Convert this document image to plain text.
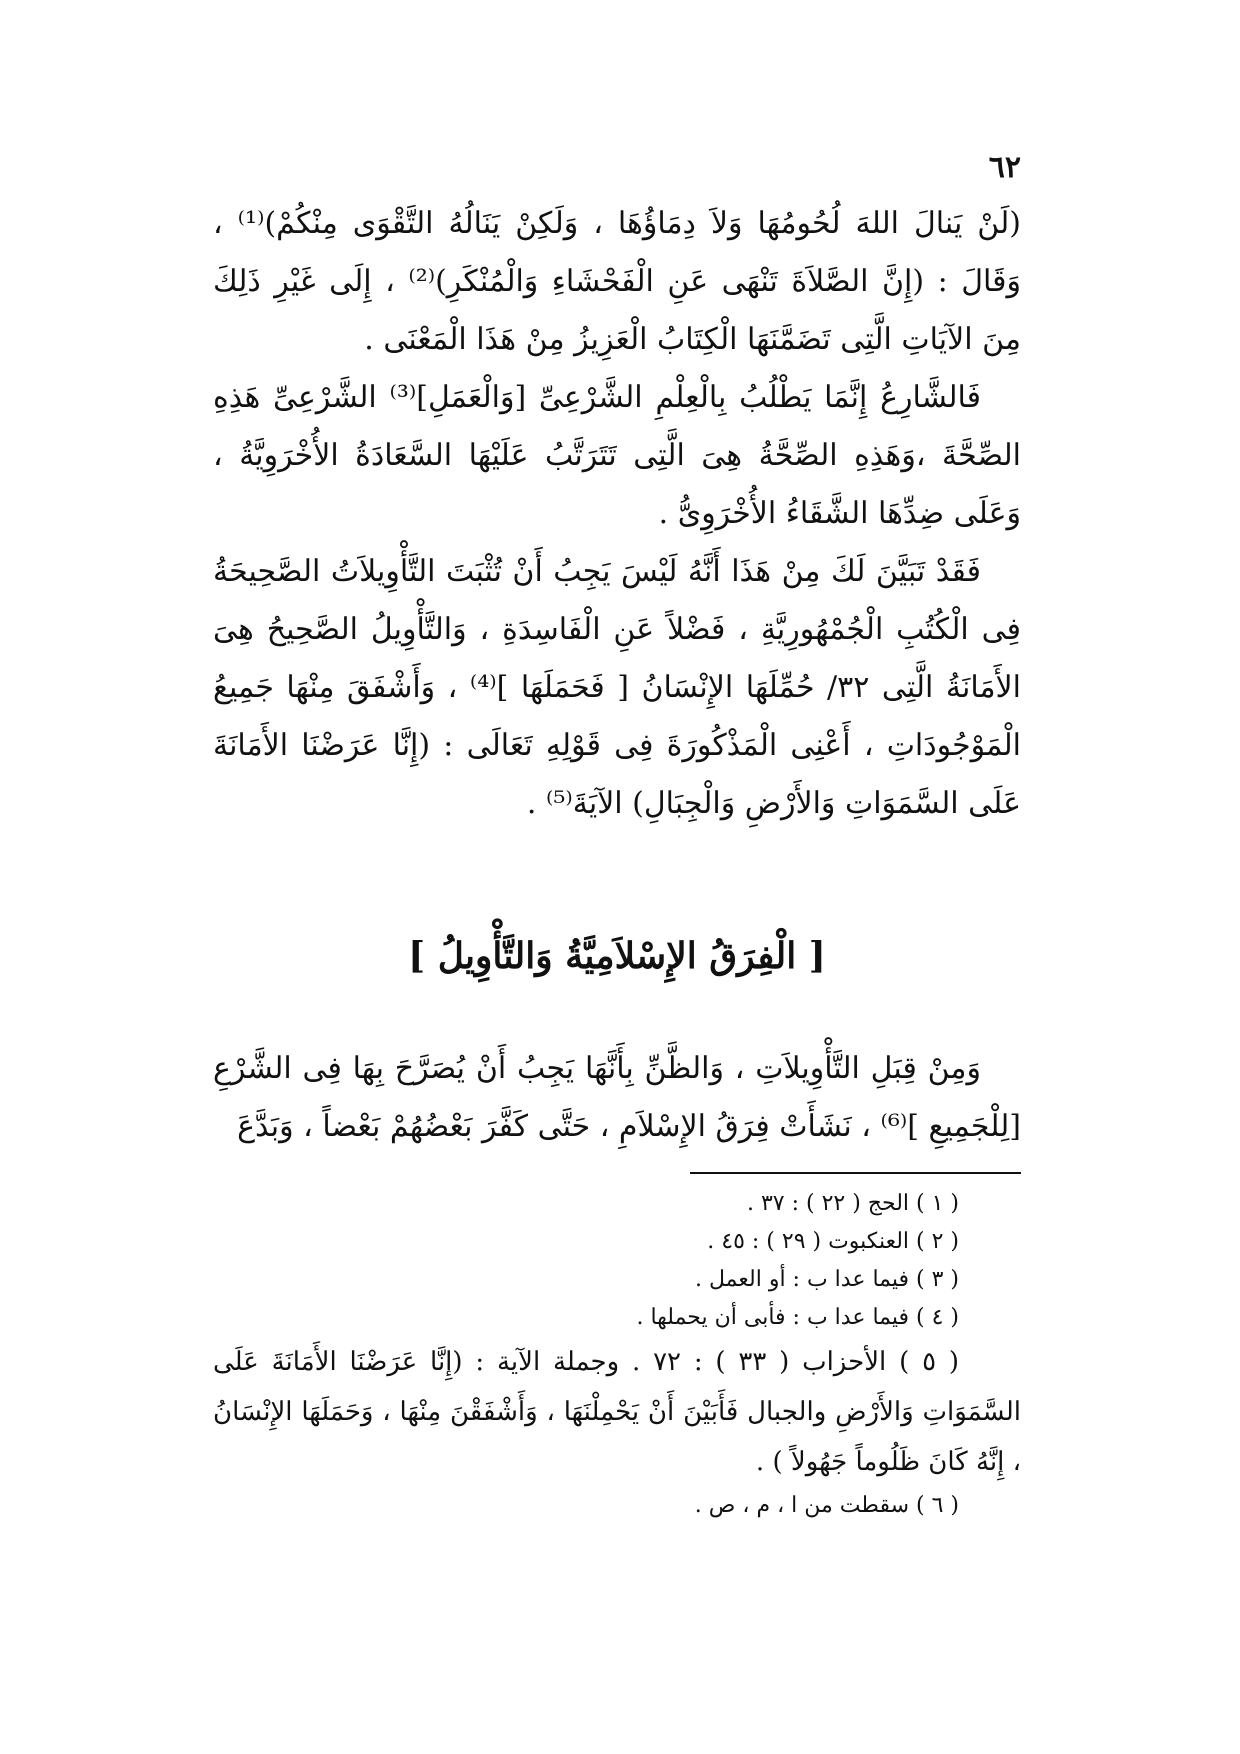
٦٢

(لَنْ يَنالَ اللهَ لُحُومُهَا وَلاَ دِمَاؤُهَا ، وَلَكِنْ يَنَالُهُ التَّقْوَى مِنْكُمْ)⁽¹⁾ ، وَقَالَ : (إِنَّ الصَّلاَةَ تَنْهَى عَنِ الْفَحْشَاءِ وَالْمُنْكَرِ)⁽²⁾ ، إِلَى غَيْرِ ذَلِكَ مِنَ الآيَاتِ الَّتِى تَضَمَّنَهَا الْكِتَابُ الْعَزِيزُ مِنْ هَذَا الْمَعْنَى .

فَالشَّارِعُ إِنَّمَا يَطْلُبُ بِالْعِلْمِ الشَّرْعِىِّ [وَالْعَمَلِ]⁽³⁾ الشَّرْعِىِّ هَذِهِ الصِّحَّةَ ،وَهَذِهِ الصِّحَّةُ هِىَ الَّتِى تَتَرَتَّبُ عَلَيْهَا السَّعَادَةُ الأُخْرَوِيَّةُ ، وَعَلَى ضِدِّهَا الشَّقَاءُ الأُخْرَوِىُّ .

فَقَدْ تَبَيَّنَ لَكَ مِنْ هَذَا أَنَّهُ لَيْسَ يَجِبُ أَنْ تُثْبَتَ التَّأْوِيلاَتُ الصَّحِيحَةُ فِى الْكُتُبِ الْجُمْهُورِيَّةِ ، فَضْلاً عَنِ الْفَاسِدَةِ ، وَالتَّأْوِيلُ الصَّحِيحُ هِىَ الأَمَانَةُ الَّتِى ٣٢/ حُمِّلَهَا الإِنْسَانُ [ فَحَمَلَهَا ]⁽⁴⁾ ، وَأَشْفَقَ مِنْهَا جَمِيعُ الْمَوْجُودَاتِ ، أَعْنِى الْمَذْكُورَةَ فِى قَوْلِهِ تَعَالَى : (إِنَّا عَرَضْنَا الأَمَانَةَ عَلَى السَّمَوَاتِ وَالأَرْضِ وَالْجِبَالِ) الآيَةَ⁽⁵⁾ .

[ الْفِرَقُ الإِسْلاَمِيَّةُ وَالتَّأْوِيلُ ]

وَمِنْ قِبَلِ التَّأْوِيلاَتِ ، وَالظَّنِّ بِأَنَّهَا يَجِبُ أَنْ يُصَرَّحَ بِهَا فِى الشَّرْعِ [لِلْجَمِيعِ ]⁽⁶⁾ ، نَشَأَتْ فِرَقُ الإِسْلاَمِ ، حَتَّى كَفَّرَ بَعْضُهُمْ بَعْضاً ، وَبَدَّعَ

( ١ ) الحج ( ٢٢ ) : ٣٧ .

( ٢ ) العنكبوت ( ٢٩ ) : ٤٥ .

( ٣ ) فيما عدا ب : أو العمل .

( ٤ ) فيما عدا ب : فأبى أن يحملها .

( ٥ ) الأحزاب ( ٣٣ ) : ٧٢ . وجملة الآية : (إِنَّا عَرَضْنَا الأَمَانَةَ عَلَى السَّمَوَاتِ وَالأَرْضِ والجبال فَأَبَيْنَ أَنْ يَحْمِلْنَهَا ، وَأَشْفَقْنَ مِنْهَا ، وَحَمَلَهَا الإِنْسَانُ ، إِنَّهُ كَانَ ظَلُوماً جَهُولاً ) .

( ٦ ) سقطت من ا ، م ، ص .
